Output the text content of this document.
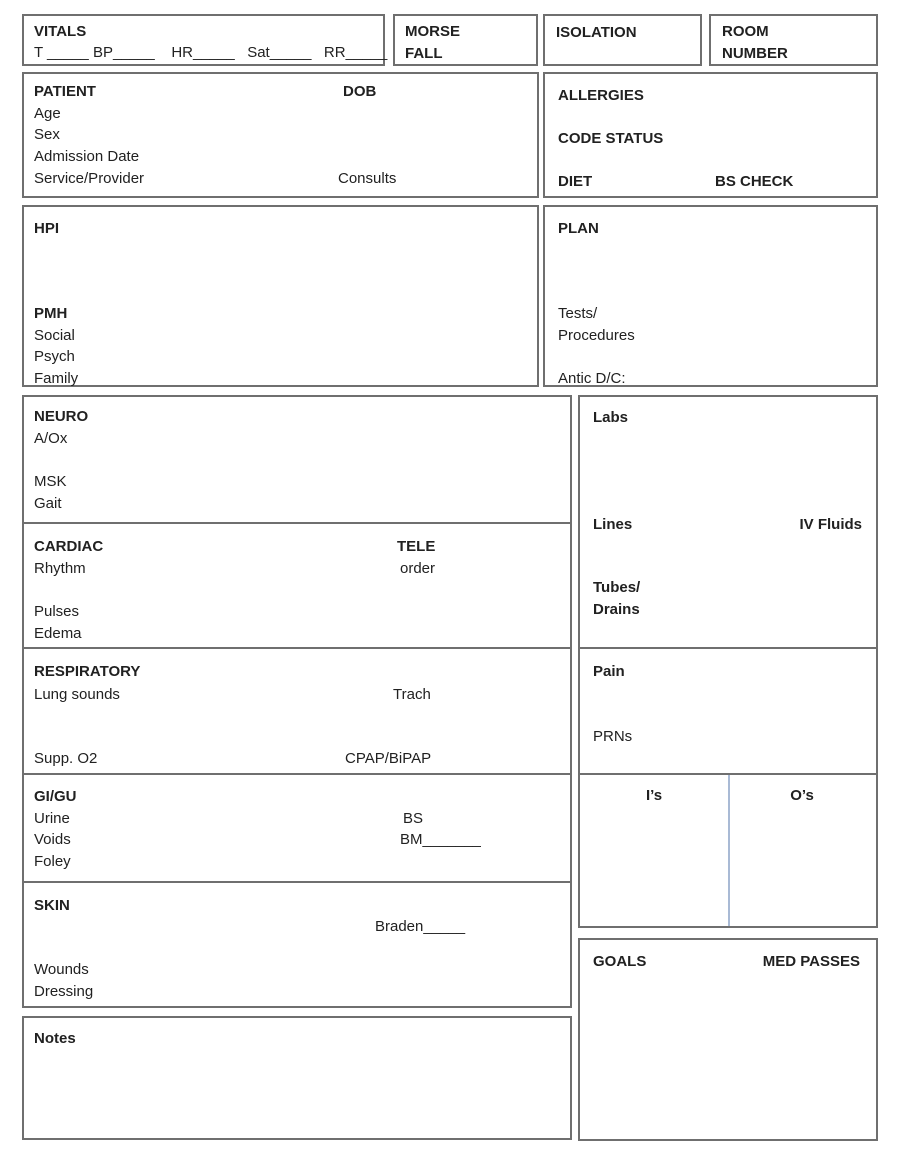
VITALS
T _____ BP_____    HR_____   Sat_____   RR_____
MORSE
FALL
ISOLATION	ROOM
NUMBER
PATIENT	DOB
Age
Sex
Admission Date
Service/Provider	Consults
ALLERGIES
CODE STATUS
DIET	BS CHECK
HPI
PMH
Social
Psych
Family
PLAN
Tests/
Procedures
Antic D/C:
NEURO
A/Ox
MSK
Gait
CARDIAC	TELE
Rhythm	order
Pulses
Edema
RESPIRATORY
Lung sounds	Trach
Supp. O2	CPAP/BiPAP
GI/GU
Urine	BS
Voids	BM_______
Foley
SKIN
Braden_____
Wounds
Dressing
Labs
Lines	IV Fluids
Tubes/
Drains
Pain
PRNs
I’s	O’s
GOALS	MED PASSES
Notes
